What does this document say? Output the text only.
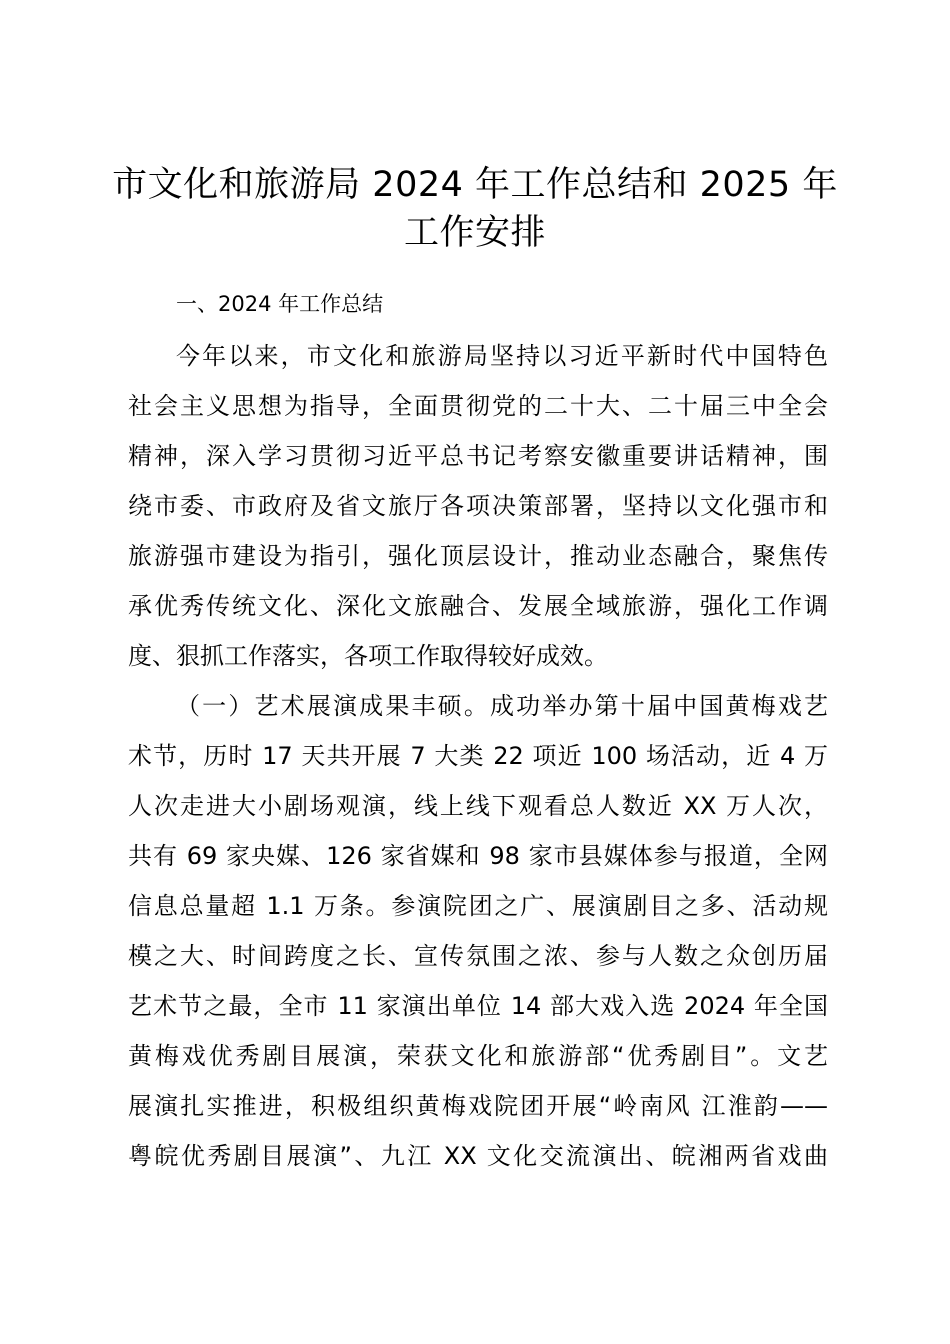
市文化和旅游局 2024 年工作总结和 2025 年
工作安排
一、2024 年工作总结
今年以来，市文化和旅游局坚持以习近平新时代中国特色
社会主义思想为指导，全面贯彻党的二十大、二十届三中全会
精神，深入学习贯彻习近平总书记考察安徽重要讲话精神，围
绕市委、市政府及省文旅厅各项决策部署，坚持以文化强市和
旅游强市建设为指引，强化顶层设计，推动业态融合，聚焦传
承优秀传统文化、深化文旅融合、发展全域旅游，强化工作调
度、狠抓工作落实，各项工作取得较好成效。
（一）艺术展演成果丰硕。成功举办第十届中国黄梅戏艺
术节，历时 17 天共开展 7 大类 22 项近 100 场活动，近 4 万
人次走进大小剧场观演，线上线下观看总人数近 XX 万人次，
共有 69 家央媒、126 家省媒和 98 家市县媒体参与报道，全网
信息总量超 1.1 万条。参演院团之广、展演剧目之多、活动规
模之大、时间跨度之长、宣传氛围之浓、参与人数之众创历届
艺术节之最，全市 11 家演出单位 14 部大戏入选 2024 年全国
黄梅戏优秀剧目展演，荣获文化和旅游部“优秀剧目”。文艺
展演扎实推进，积极组织黄梅戏院团开展“岭南风 江淮韵——
粤皖优秀剧目展演”、九江 XX 文化交流演出、皖湘两省戏曲
